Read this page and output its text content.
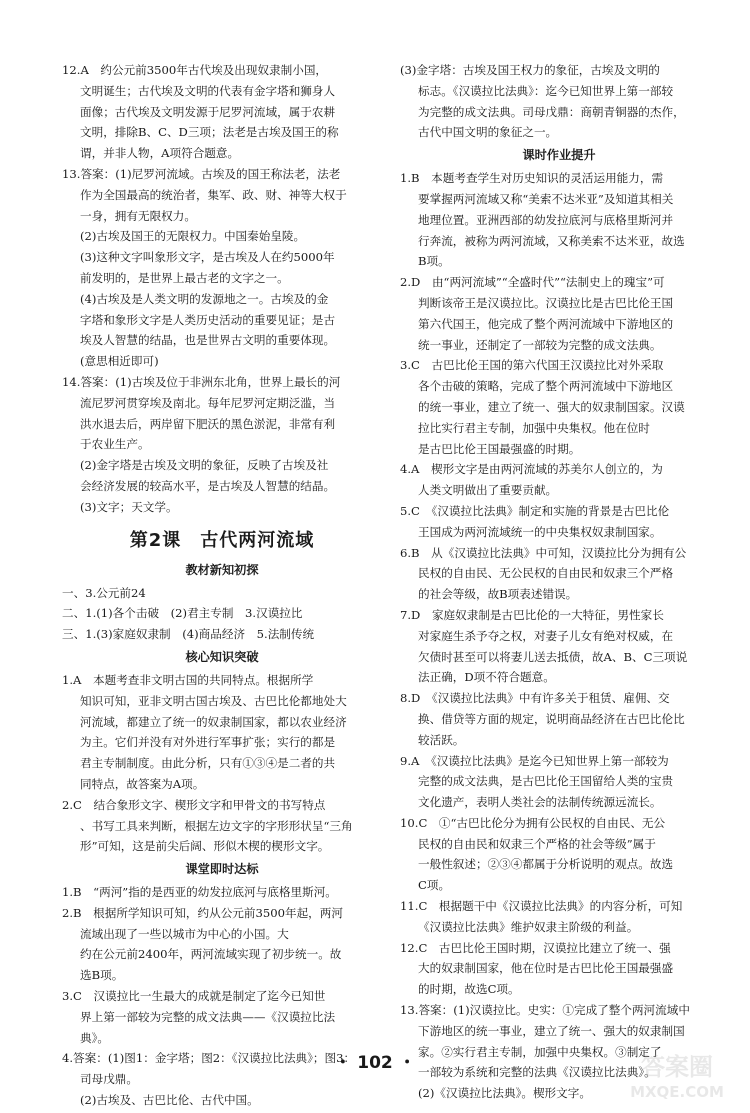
12.A　约公元前3500年古代埃及出现奴隶制小国，

文明诞生；古代埃及文明的代表有金字塔和狮身人

面像；古代埃及文明发源于尼罗河流域，属于农耕

文明，排除B、C、D三项；法老是古埃及国王的称

谓，并非人物，A项符合题意。

13.答案：(1)尼罗河流域。古埃及的国王称法老，法老

作为全国最高的统治者，集军、政、财、神等大权于

一身，拥有无限权力。

(2)古埃及国王的无限权力。中国秦始皇陵。

(3)这种文字叫象形文字，是古埃及人在约5000年

前发明的，是世界上最古老的文字之一。

(4)古埃及是人类文明的发源地之一。古埃及的金

字塔和象形文字是人类历史活动的重要见证；是古

埃及人智慧的结晶，也是世界古文明的重要体现。

(意思相近即可)

14.答案：(1)古埃及位于非洲东北角，世界上最长的河

流尼罗河贯穿埃及南北。每年尼罗河定期泛滥，当

洪水退去后，两岸留下肥沃的黑色淤泥，非常有利

于农业生产。

(2)金字塔是古埃及文明的象征，反映了古埃及社

会经济发展的较高水平，是古埃及人智慧的结晶。

(3)文字；天文学。

第2课　古代两河流域
教材新知初探

一、3.公元前24

二、1.(1)各个击破　(2)君主专制　3.汉谟拉比

三、1.(3)家庭奴隶制　(4)商品经济　5.法制传统

核心知识突破

1.A　本题考查非文明古国的共同特点。根据所学

知识可知，亚非文明古国古埃及、古巴比伦都地处大

河流域，都建立了统一的奴隶制国家，都以农业经济

为主。它们并没有对外进行军事扩张；实行的都是

君主专制制度。由此分析，只有①③④是二者的共

同特点，故答案为A项。

2.C　结合象形文字、楔形文字和甲骨文的书写特点

、书写工具来判断，根据左边文字的字形形状呈“三角

形”可知，这是前尖后阔、形似木楔的楔形文字。

课堂即时达标

1.B　“两河”指的是西亚的幼发拉底河与底格里斯河。

2.B　根据所学知识可知，约从公元前3500年起，两河

流域出现了一些以城市为中心的小国。大

约在公元前2400年，两河流域实现了初步统一。故

选B项。

3.C　汉谟拉比一生最大的成就是制定了迄今已知世

界上第一部较为完整的成文法典——《汉谟拉比法

典》。

4.答案：(1)图1：金字塔；图2：《汉谟拉比法典》；图3：

司母戊鼎。

(2)古埃及、古巴比伦、古代中国。

(3)金字塔：古埃及国王权力的象征，古埃及文明的

标志。《汉谟拉比法典》：迄今已知世界上第一部较

为完整的成文法典。司母戊鼎：商朝青铜器的杰作，

古代中国文明的象征之一。

课时作业提升

1.B　本题考查学生对历史知识的灵活运用能力，需

要掌握两河流域又称“美索不达米亚”及知道其相关

地理位置。亚洲西部的幼发拉底河与底格里斯河并

行奔流，被称为两河流域，又称美索不达米亚，故选

B项。

2.D　由“两河流域”“全盛时代”“法制史上的瑰宝”可

判断该帝王是汉谟拉比。汉谟拉比是古巴比伦王国

第六代国王，他完成了整个两河流域中下游地区的

统一事业，还制定了一部较为完整的成文法典。

3.C　古巴比伦王国的第六代国王汉谟拉比对外采取

各个击破的策略，完成了整个两河流域中下游地区

的统一事业，建立了统一、强大的奴隶制国家。汉谟

拉比实行君主专制，加强中央集权。他在位时

是古巴比伦王国最强盛的时期。

4.A　楔形文字是由两河流域的苏美尔人创立的，为

人类文明做出了重要贡献。

5.C　《汉谟拉比法典》制定和实施的背景是古巴比伦

王国成为两河流域统一的中央集权奴隶制国家。

6.B　从《汉谟拉比法典》中可知，汉谟拉比分为拥有公

民权的自由民、无公民权的自由民和奴隶三个严格

的社会等级，故B项表述错误。

7.D　家庭奴隶制是古巴比伦的一大特征，男性家长

对家庭生杀予夺之权，对妻子儿女有绝对权威，在

欠债时甚至可以将妻儿送去抵债，故A、B、C三项说

法正确，D项不符合题意。

8.D　《汉谟拉比法典》中有许多关于租赁、雇佣、交

换、借贷等方面的规定，说明商品经济在古巴比伦比

较活跃。

9.A　《汉谟拉比法典》是迄今已知世界上第一部较为

完整的成文法典，是古巴比伦王国留给人类的宝贵

文化遗产，表明人类社会的法制传统源远流长。

10.C　①“古巴比伦分为拥有公民权的自由民、无公

民权的自由民和奴隶三个严格的社会等级”属于

一般性叙述；②③④都属于分析说明的观点。故选

C项。

11.C　根据题干中《汉谟拉比法典》的内容分析，可知

《汉谟拉比法典》维护奴隶主阶级的利益。

12.C　古巴比伦王国时期，汉谟拉比建立了统一、强

大的奴隶制国家，他在位时是古巴比伦王国最强盛

的时期，故选C项。

13.答案：(1)汉谟拉比。史实：①完成了整个两河流域中

下游地区的统一事业，建立了统一、强大的奴隶制国

家。②实行君主专制，加强中央集权。③制定了

一部较为系统和完整的法典《汉谟拉比法典》。

(2)《汉谟拉比法典》。楔形文字。

・ 102 ・	答案圈
MXQE.COM
